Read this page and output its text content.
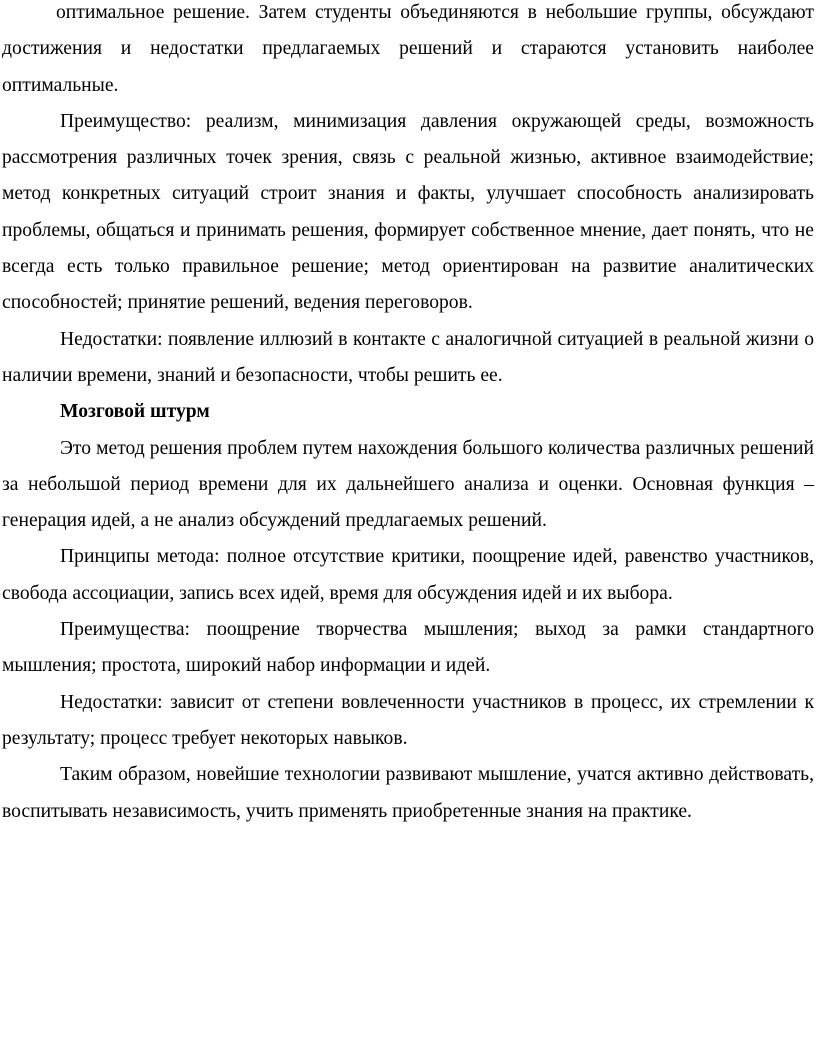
оптимальное решение. Затем студенты объединяются в небольшие группы, обсуждают достижения и недостатки предлагаемых решений и стараются установить наиболее оптимальные.

Преимущество: реализм, минимизация давления окружающей среды, возможность рассмотрения различных точек зрения, связь с реальной жизнью, активное взаимодействие; метод конкретных ситуаций строит знания и факты, улучшает способность анализировать проблемы, общаться и принимать решения, формирует собственное мнение, дает понять, что не всегда есть только правильное решение; метод ориентирован на развитие аналитических способностей; принятие решений, ведения переговоров.

Недостатки: появление иллюзий в контакте с аналогичной ситуацией в реальной жизни о наличии времени, знаний и безопасности, чтобы решить ее.

Мозговой штурм

Это метод решения проблем путем нахождения большого количества различных решений за небольшой период времени для их дальнейшего анализа и оценки. Основная функция – генерация идей, а не анализ обсуждений предлагаемых решений.

Принципы метода: полное отсутствие критики, поощрение идей, равенство участников, свобода ассоциации, запись всех идей, время для обсуждения идей и их выбора.

Преимущества: поощрение творчества мышления; выход за рамки стандартного мышления; простота, широкий набор информации и идей.

Недостатки: зависит от степени вовлеченности участников в процесс, их стремлении к результату; процесс требует некоторых навыков.

Таким образом, новейшие технологии развивают мышление, учатся активно действовать, воспитывать независимость, учить применять приобретенные знания на практике.
